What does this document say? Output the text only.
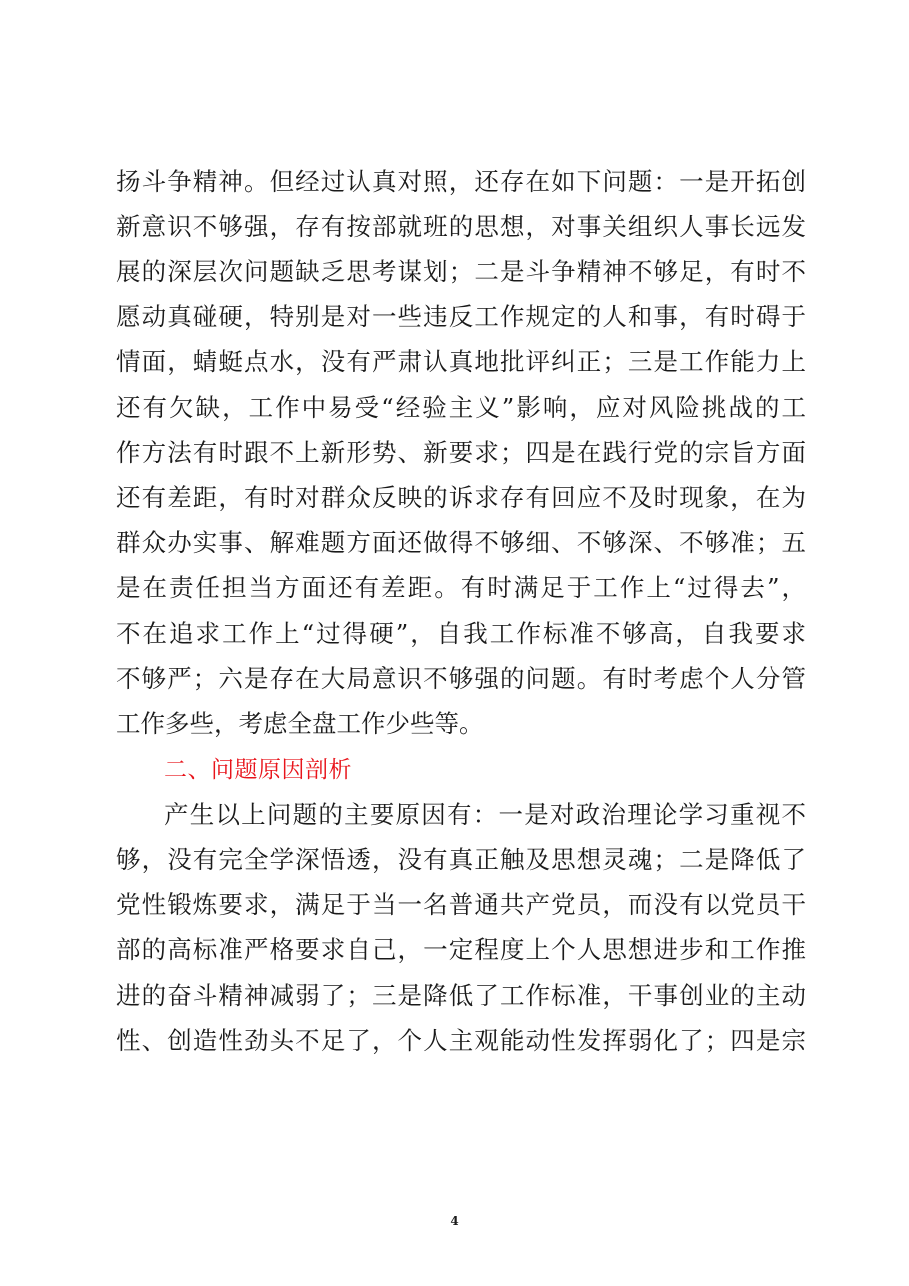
扬斗争精神。但经过认真对照，还存在如下问题：一是开拓创
新意识不够强，存有按部就班的思想，对事关组织人事长远发
展的深层次问题缺乏思考谋划；二是斗争精神不够足，有时不
愿动真碰硬，特别是对一些违反工作规定的人和事，有时碍于
情面，蜻蜓点水，没有严肃认真地批评纠正；三是工作能力上
还有欠缺，工作中易受“经验主义”影响，应对风险挑战的工
作方法有时跟不上新形势、新要求；四是在践行党的宗旨方面
还有差距，有时对群众反映的诉求存有回应不及时现象，在为
群众办实事、解难题方面还做得不够细、不够深、不够准；五
是在责任担当方面还有差距。有时满足于工作上“过得去”，
不在追求工作上“过得硬”，自我工作标准不够高，自我要求
不够严；六是存在大局意识不够强的问题。有时考虑个人分管
工作多些，考虑全盘工作少些等。
二、问题原因剖析
产生以上问题的主要原因有：一是对政治理论学习重视不
够，没有完全学深悟透，没有真正触及思想灵魂；二是降低了
党性锻炼要求，满足于当一名普通共产党员，而没有以党员干
部的高标准严格要求自己，一定程度上个人思想进步和工作推
进的奋斗精神减弱了；三是降低了工作标准，干事创业的主动
性、创造性劲头不足了，个人主观能动性发挥弱化了；四是宗
4
